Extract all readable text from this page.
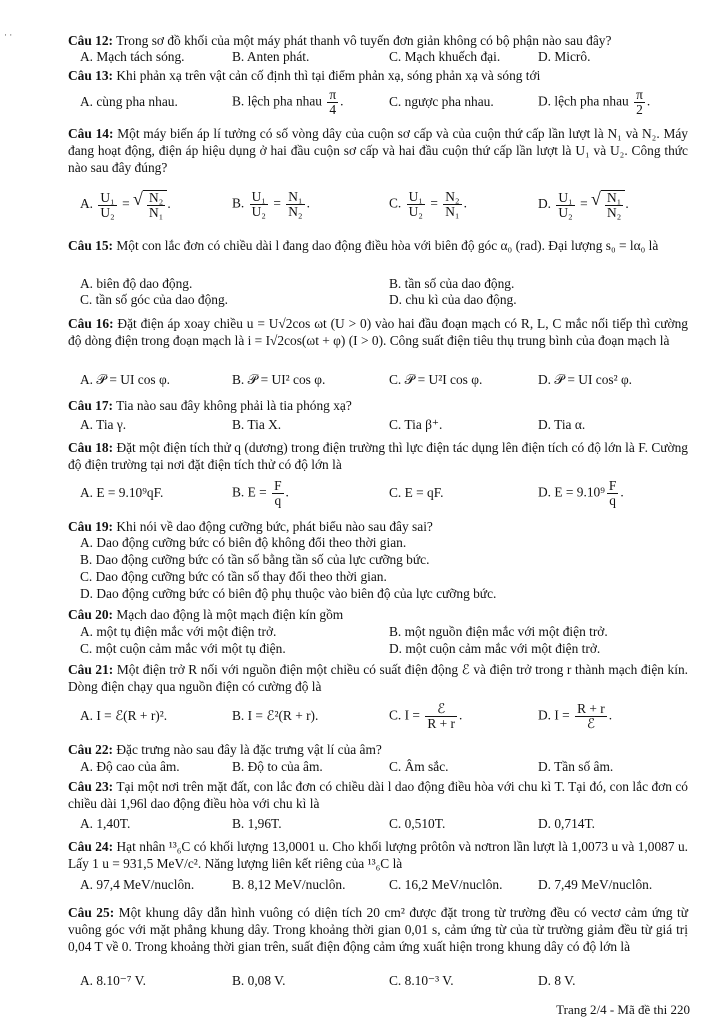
· ·	Câu 12: Trong sơ đồ khối của một máy phát thanh vô tuyến đơn giản không có bộ phận nào sau đây?
A. Mạch tách sóng.	B. Anten phát.	C. Mạch khuếch đại.	D. Micrô.
Câu 13: Khi phản xạ trên vật cản cố định thì tại điểm phản xạ, sóng phản xạ và sóng tới
A. cùng pha nhau.	B. lệch pha nhau $\frac{\pi}{4}$ .	C. ngược pha nhau.	D. lệch pha nhau $\frac{\pi}{2}$ .
Câu 14: Một máy biến áp lí tưởng có số vòng dây của cuộn sơ cấp và của cuộn thứ cấp lần lượt là N₁ và N₂. Máy đang hoạt động, điện áp hiệu dụng ở hai đầu cuộn sơ cấp và hai đầu cuộn thứ cấp lần lượt là U₁ và U₂. Công thức nào sau đây đúng?
A. $\frac{\text{U₁}}{\text{U₂}}$ = √ $\frac{\text{N₂}}{\text{N₁}}$ .	B. $\frac{\text{U₁}}{\text{U₂}} = \frac{\text{N₁}}{\text{N₂}}$ .	C. $\frac{\text{U₁}}{\text{U₂}} = \frac{\text{N₂}}{\text{N₁}}$ .	D. $\frac{\text{U₁}}{\text{U₂}}$ = √ $\frac{\text{N₁}}{\text{N₂}}$ .
Câu 15: Một con lắc đơn có chiều dài l đang dao động điều hòa với biên độ góc α₀ (rad). Đại lượng s₀ = lα₀ là
A. biên độ dao động.	B. tần số của dao động.
C. tần số góc của dao động.	D. chu kì của dao động.
Câu 16: Đặt điện áp xoay chiều u = U√2cos ωt (U > 0) vào hai đầu đoạn mạch có R, L, C mắc nối tiếp thì cường độ dòng điện trong đoạn mạch là i = I√2cos(ωt + φ) (I > 0). Công suất điện tiêu thụ trung bình của đoạn mạch là
A. 𝒫 = UI cos φ.	B. 𝒫 = UI² cos φ.	C. 𝒫 = U²I cos φ.	D. 𝒫 = UI cos² φ.
Câu 17: Tia nào sau đây không phải là tia phóng xạ?
A. Tia γ.	B. Tia X.	C. Tia β⁺.	D. Tia α.
Câu 18: Đặt một điện tích thử q (dương) trong điện trường thì lực điện tác dụng lên điện tích có độ lớn là F. Cường độ điện trường tại nơi đặt điện tích thử có độ lớn là
A. E = 9.10⁹qF.	B. $E = \frac{F}{q}$ .	C. E = qF.	D. $E = 9.10^9 \frac{F}{q}$ .
Câu 19: Khi nói về dao động cưỡng bức, phát biểu nào sau đây sai?
A. Dao động cưỡng bức có biên độ không đổi theo thời gian.
B. Dao động cưỡng bức có tần số bằng tần số của lực cưỡng bức.
C. Dao động cưỡng bức có tần số thay đổi theo thời gian.
D. Dao động cưỡng bức có biên độ phụ thuộc vào biên độ của lực cưỡng bức.
Câu 20: Mạch dao động là một mạch điện kín gồm
A. một tụ điện mắc với một điện trở.	B. một nguồn điện mắc với một điện trở.
C. một cuộn cảm mắc với một tụ điện.	D. một cuộn cảm mắc với một điện trở.
Câu 21: Một điện trở R nối với nguồn điện một chiều có suất điện động ℰ và điện trở trong r thành mạch điện kín. Dòng điện chạy qua nguồn điện có cường độ là
A. I = ℰ(R + r)².	B. I = ℰ²(R + r).	C. $I = \frac{\text{ℰ}}{R + r}$ .	D. $I = \frac{R + r}{\text{ℰ}}$ .
Câu 22: Đặc trưng nào sau đây là đặc trưng vật lí của âm?
A. Độ cao của âm.	B. Độ to của âm.	C. Âm sắc.	D. Tần số âm.
Câu 23: Tại một nơi trên mặt đất, con lắc đơn có chiều dài l dao động điều hòa với chu kì T. Tại đó, con lắc đơn có chiều dài 1,96l dao động điều hòa với chu kì là
A. 1,40T.	B. 1,96T.	C. 0,510T.	D. 0,714T.
Câu 24: Hạt nhân ¹³₆C có khối lượng 13,0001 u. Cho khối lượng prôtôn và nơtron lần lượt là 1,0073 u và 1,0087 u. Lấy 1 u = 931,5 MeV/c². Năng lượng liên kết riêng của ¹³₆C là
A. 97,4 MeV/nuclôn.	B. 8,12 MeV/nuclôn.	C. 16,2 MeV/nuclôn.	D. 7,49 MeV/nuclôn.
Câu 25: Một khung dây dẫn hình vuông có diện tích 20 cm² được đặt trong từ trường đều có vectơ cảm ứng từ vuông góc với mặt phẳng khung dây. Trong khoảng thời gian 0,01 s, cảm ứng từ của từ trường giảm đều từ giá trị 0,04 T về 0. Trong khoảng thời gian trên, suất điện động cảm ứng xuất hiện trong khung dây có độ lớn là
A. 8.10⁻⁷ V.	B. 0,08 V.	C. 8.10⁻³ V.	D. 8 V.
Trang 2/4 - Mã đề thi 220
